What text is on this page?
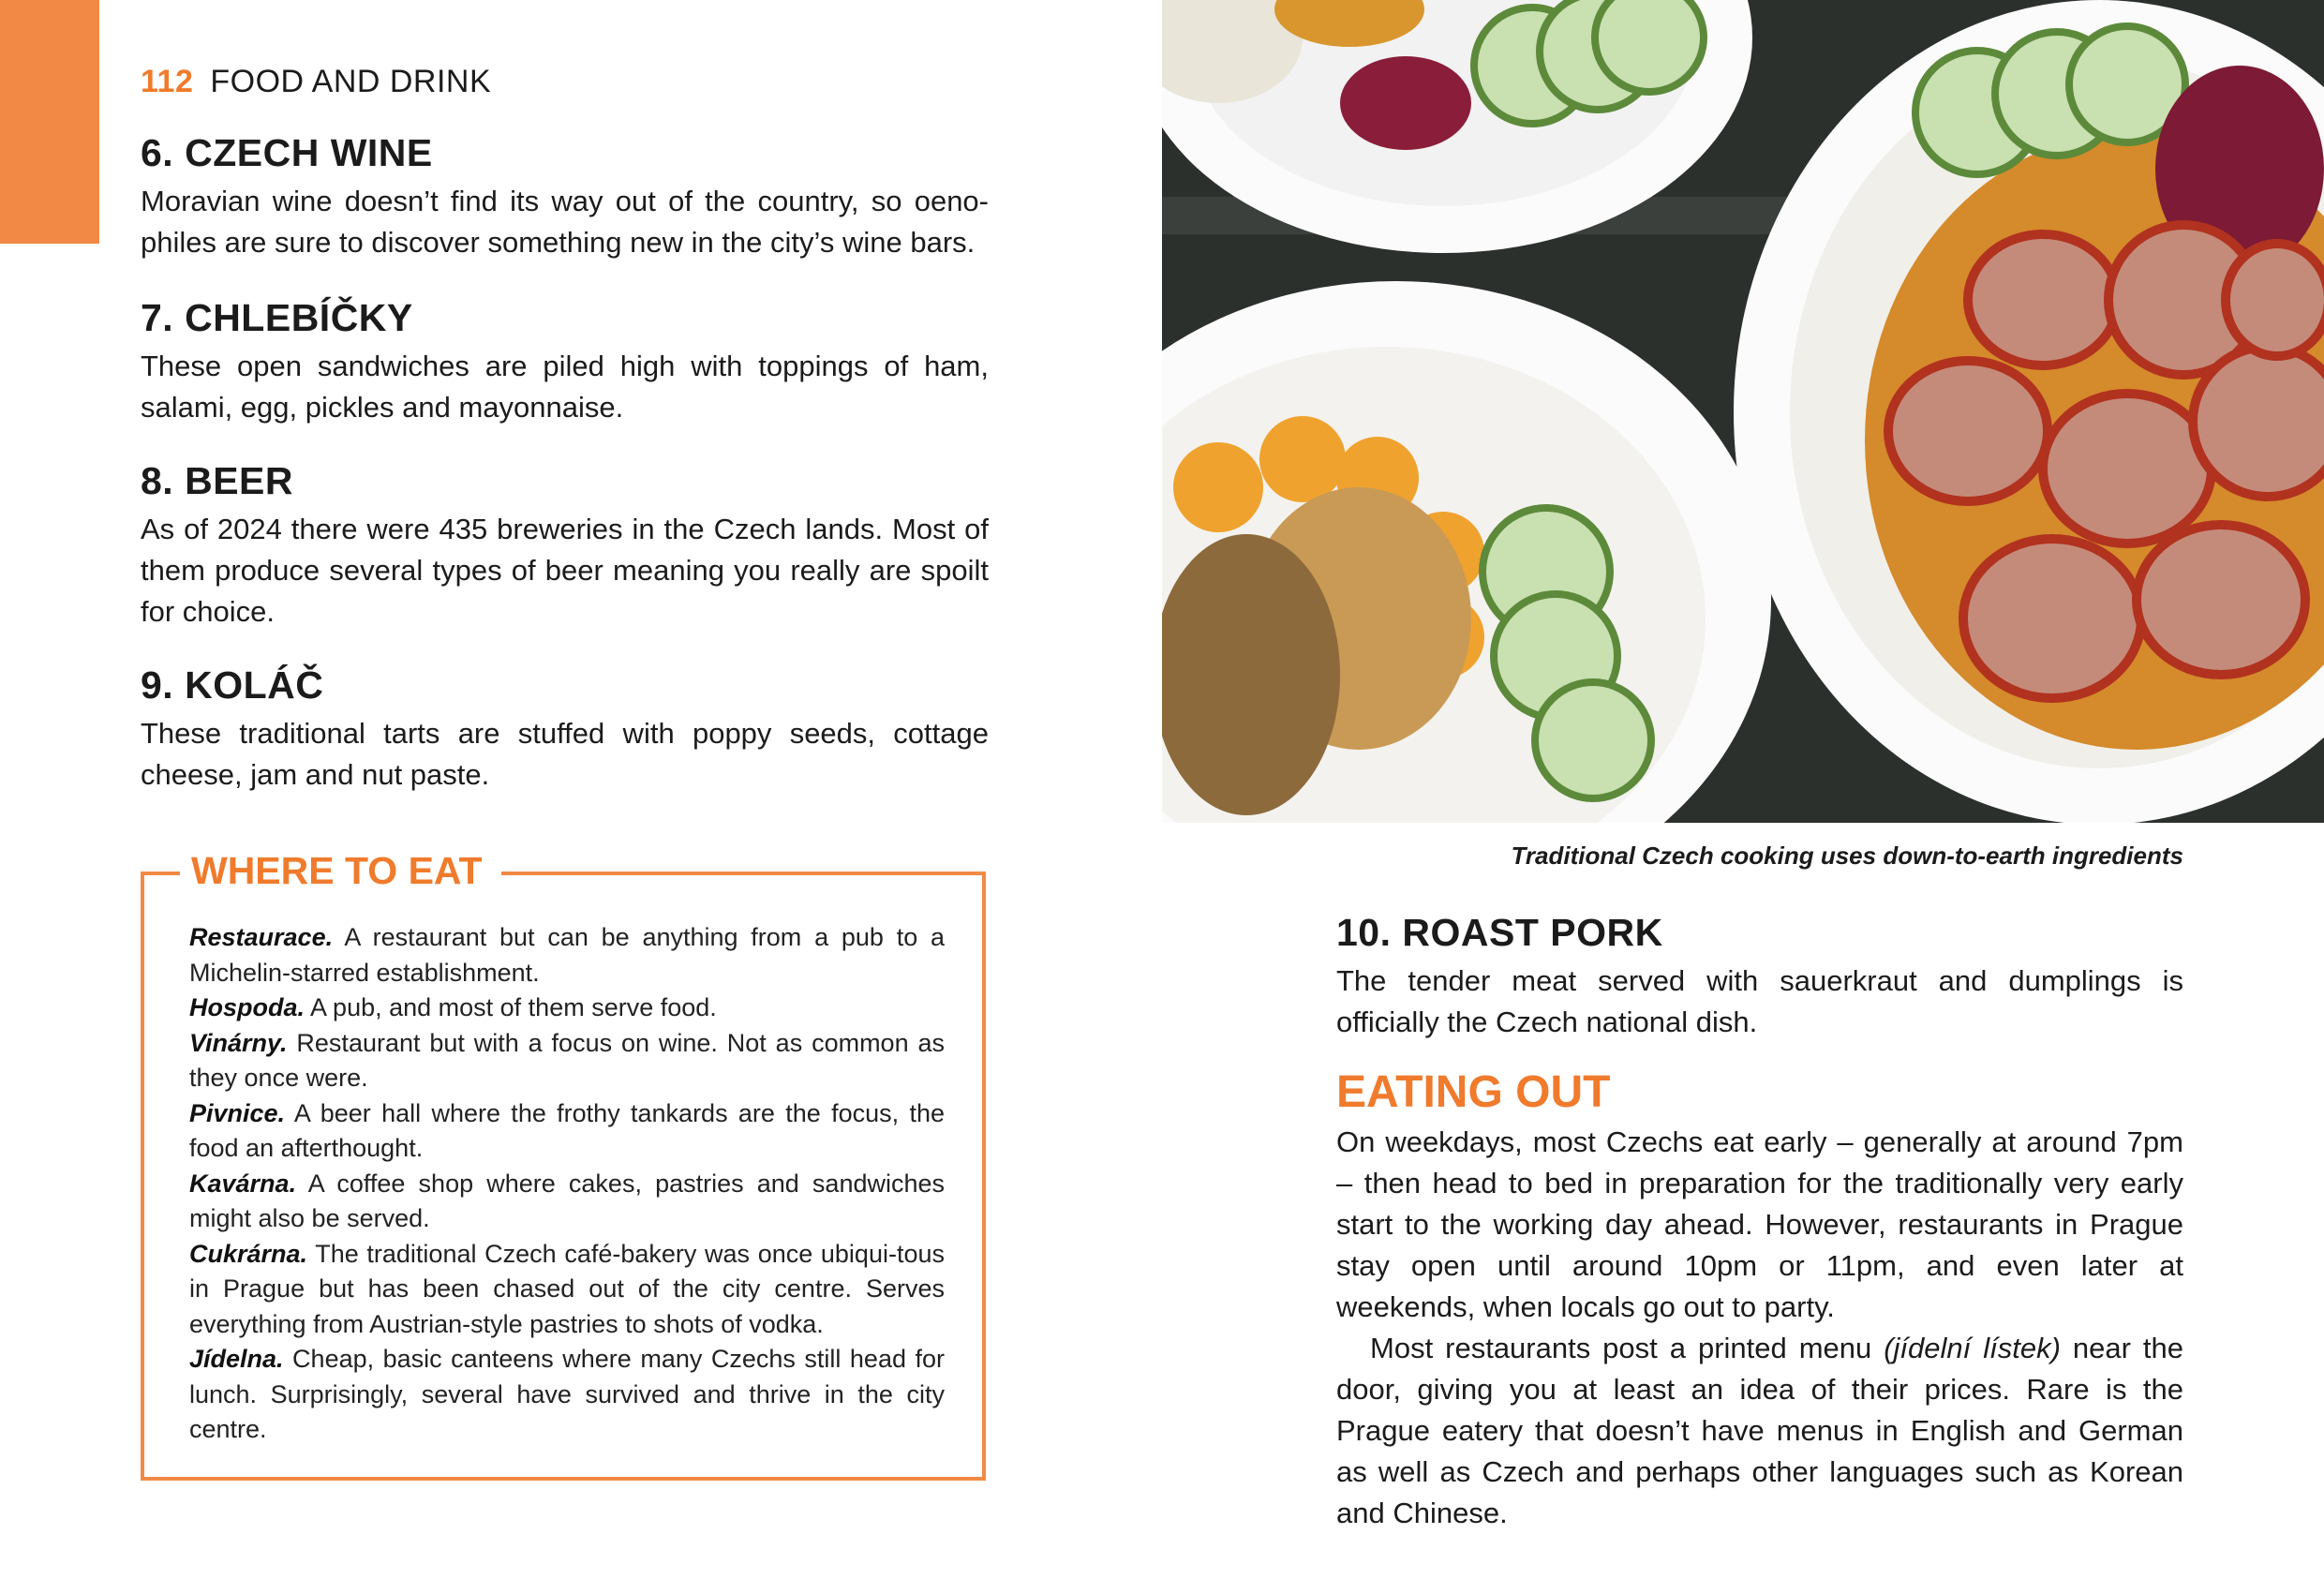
112 FOOD AND DRINK
6. CZECH WINE

Moravian wine doesn’t find its way out of the country, so oeno-philes are sure to discover something new in the city’s wine bars.

7. CHLEBÍČKY

These open sandwiches are piled high with toppings of ham, salami, egg, pickles and mayonnaise.

8. BEER

As of 2024 there were 435 breweries in the Czech lands. Most of them produce several types of beer meaning you really are spoilt for choice.

9. KOLÁČ

These traditional tarts are stuffed with poppy seeds, cottage cheese, jam and nut paste.

WHERE TO EAT

Restaurace. A restaurant but can be anything from a pub to a Michelin-starred establishment.

Hospoda. A pub, and most of them serve food.

Vinárny. Restaurant but with a focus on wine. Not as common as they once were.

Pivnice. A beer hall where the frothy tankards are the focus, the food an afterthought.

Kavárna. A coffee shop where cakes, pastries and sandwiches might also be served.

Cukrárna. The traditional Czech café-bakery was once ubiqui-tous in Prague but has been chased out of the city centre. Serves everything from Austrian-style pastries to shots of vodka.

Jídelna. Cheap, basic canteens where many Czechs still head for lunch. Surprisingly, several have survived and thrive in the city centre.

Traditional Czech cooking uses down-to-earth ingredients
10. ROAST PORK

The tender meat served with sauerkraut and dumplings is officially the Czech national dish.

EATING OUT

On weekdays, most Czechs eat early – generally at around 7pm – then head to bed in preparation for the traditionally very early start to the working day ahead. However, restaurants in Prague stay open until around 10pm or 11pm, and even later at weekends, when locals go out to party.

Most restaurants post a printed menu (jídelní lístek) near the door, giving you at least an idea of their prices. Rare is the Prague eatery that doesn’t have menus in English and German as well as Czech and perhaps other languages such as Korean and Chinese.
